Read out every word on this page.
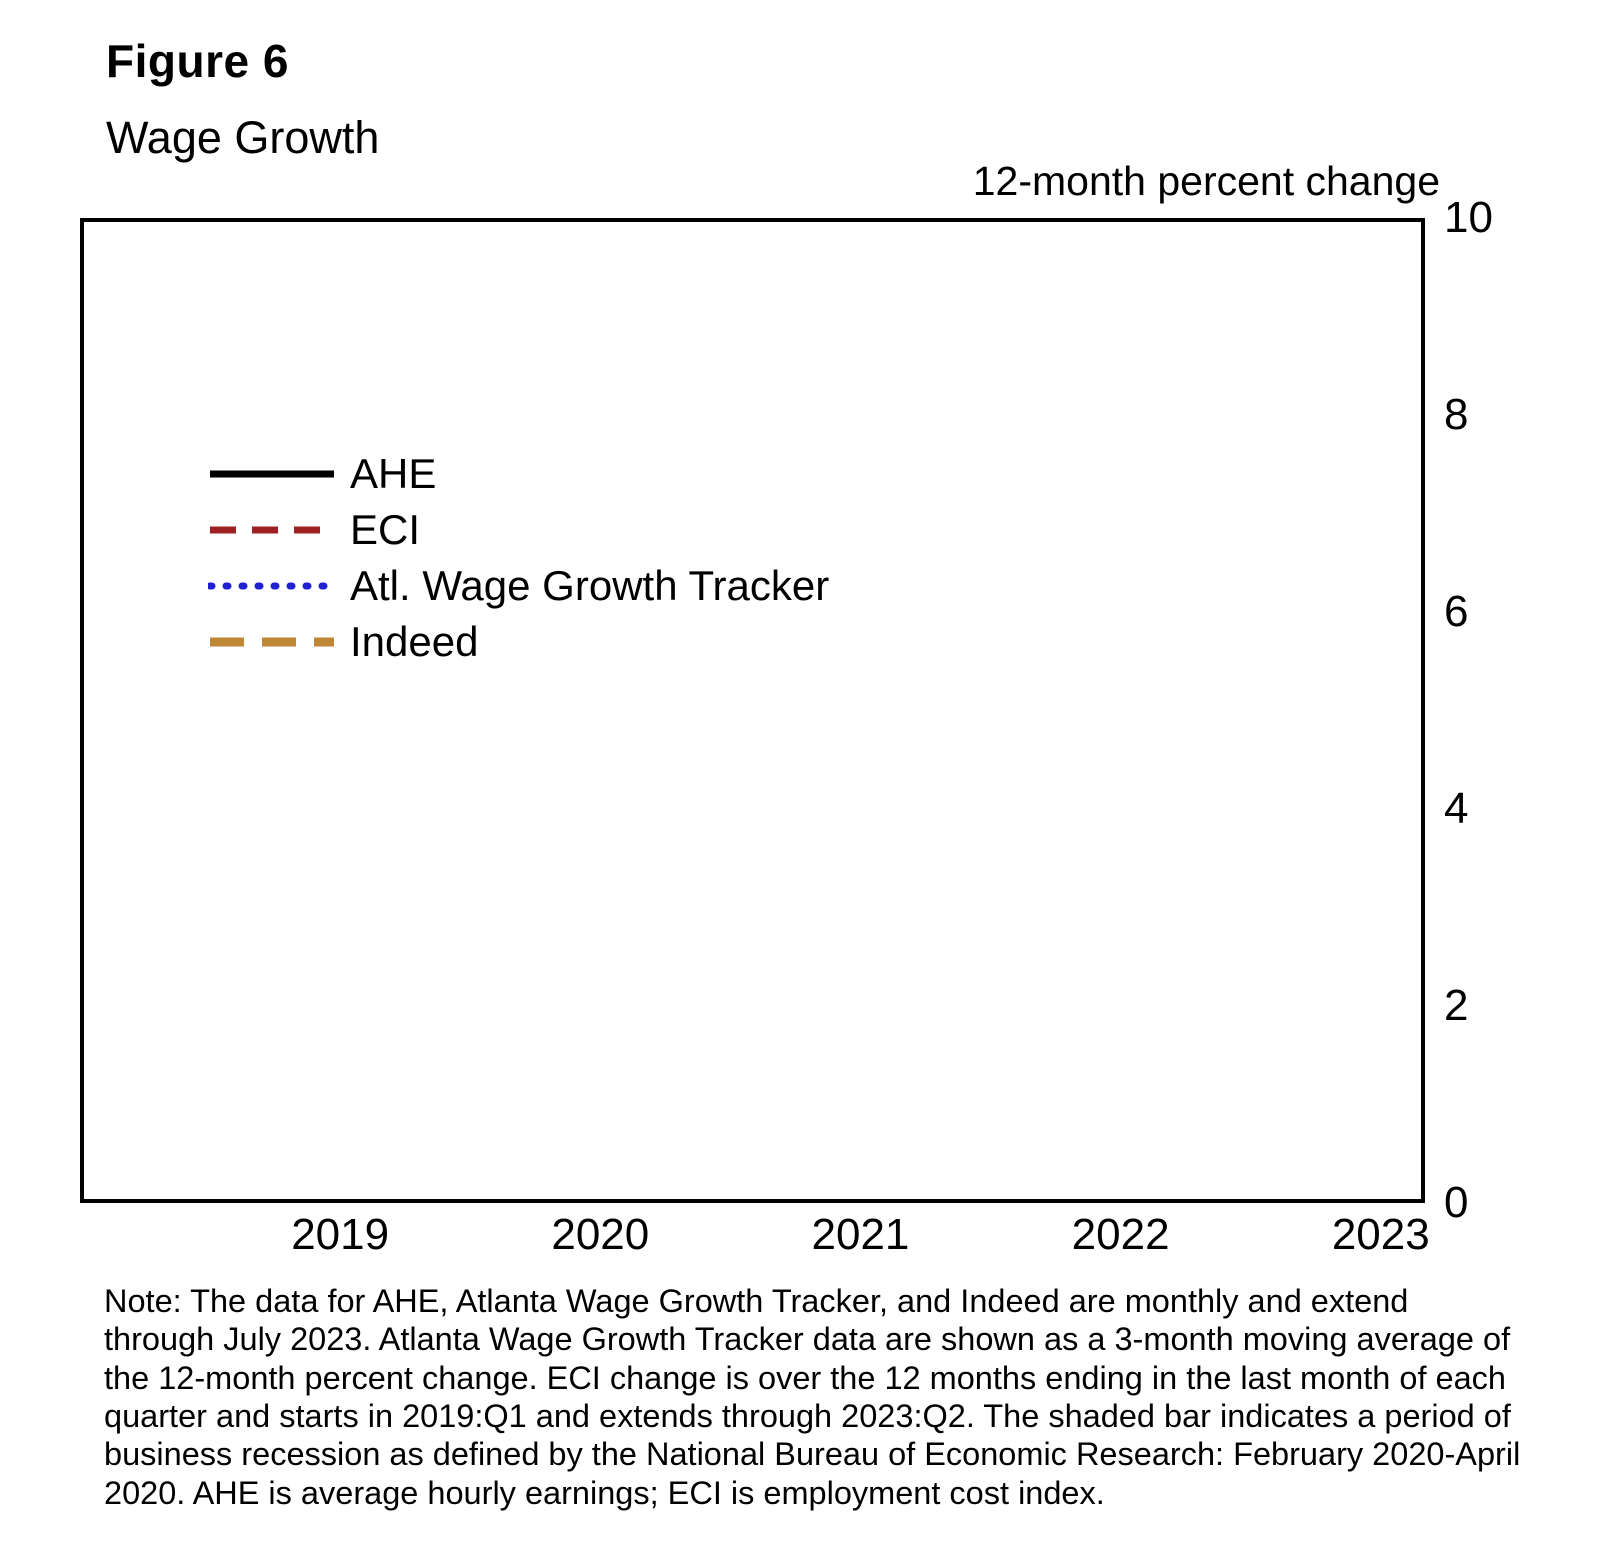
Figure 6
Wage Growth
12-month percent change
AHE
ECI
Atl. Wage Growth Tracker
Indeed
10
8
6
4
2
0
2019	2020	2021	2022	2023
Note: The data for AHE, Atlanta Wage Growth Tracker, and Indeed are monthly and extend through July 2023. Atlanta Wage Growth Tracker data are shown as a 3-month moving average of the 12-month percent change. ECI change is over the 12 months ending in the last month of each quarter and starts in 2019:Q1 and extends through 2023:Q2. The shaded bar indicates a period of business recession as defined by the National Bureau of Economic Research: February 2020-April 2020. AHE is average hourly earnings; ECI is employment cost index.
